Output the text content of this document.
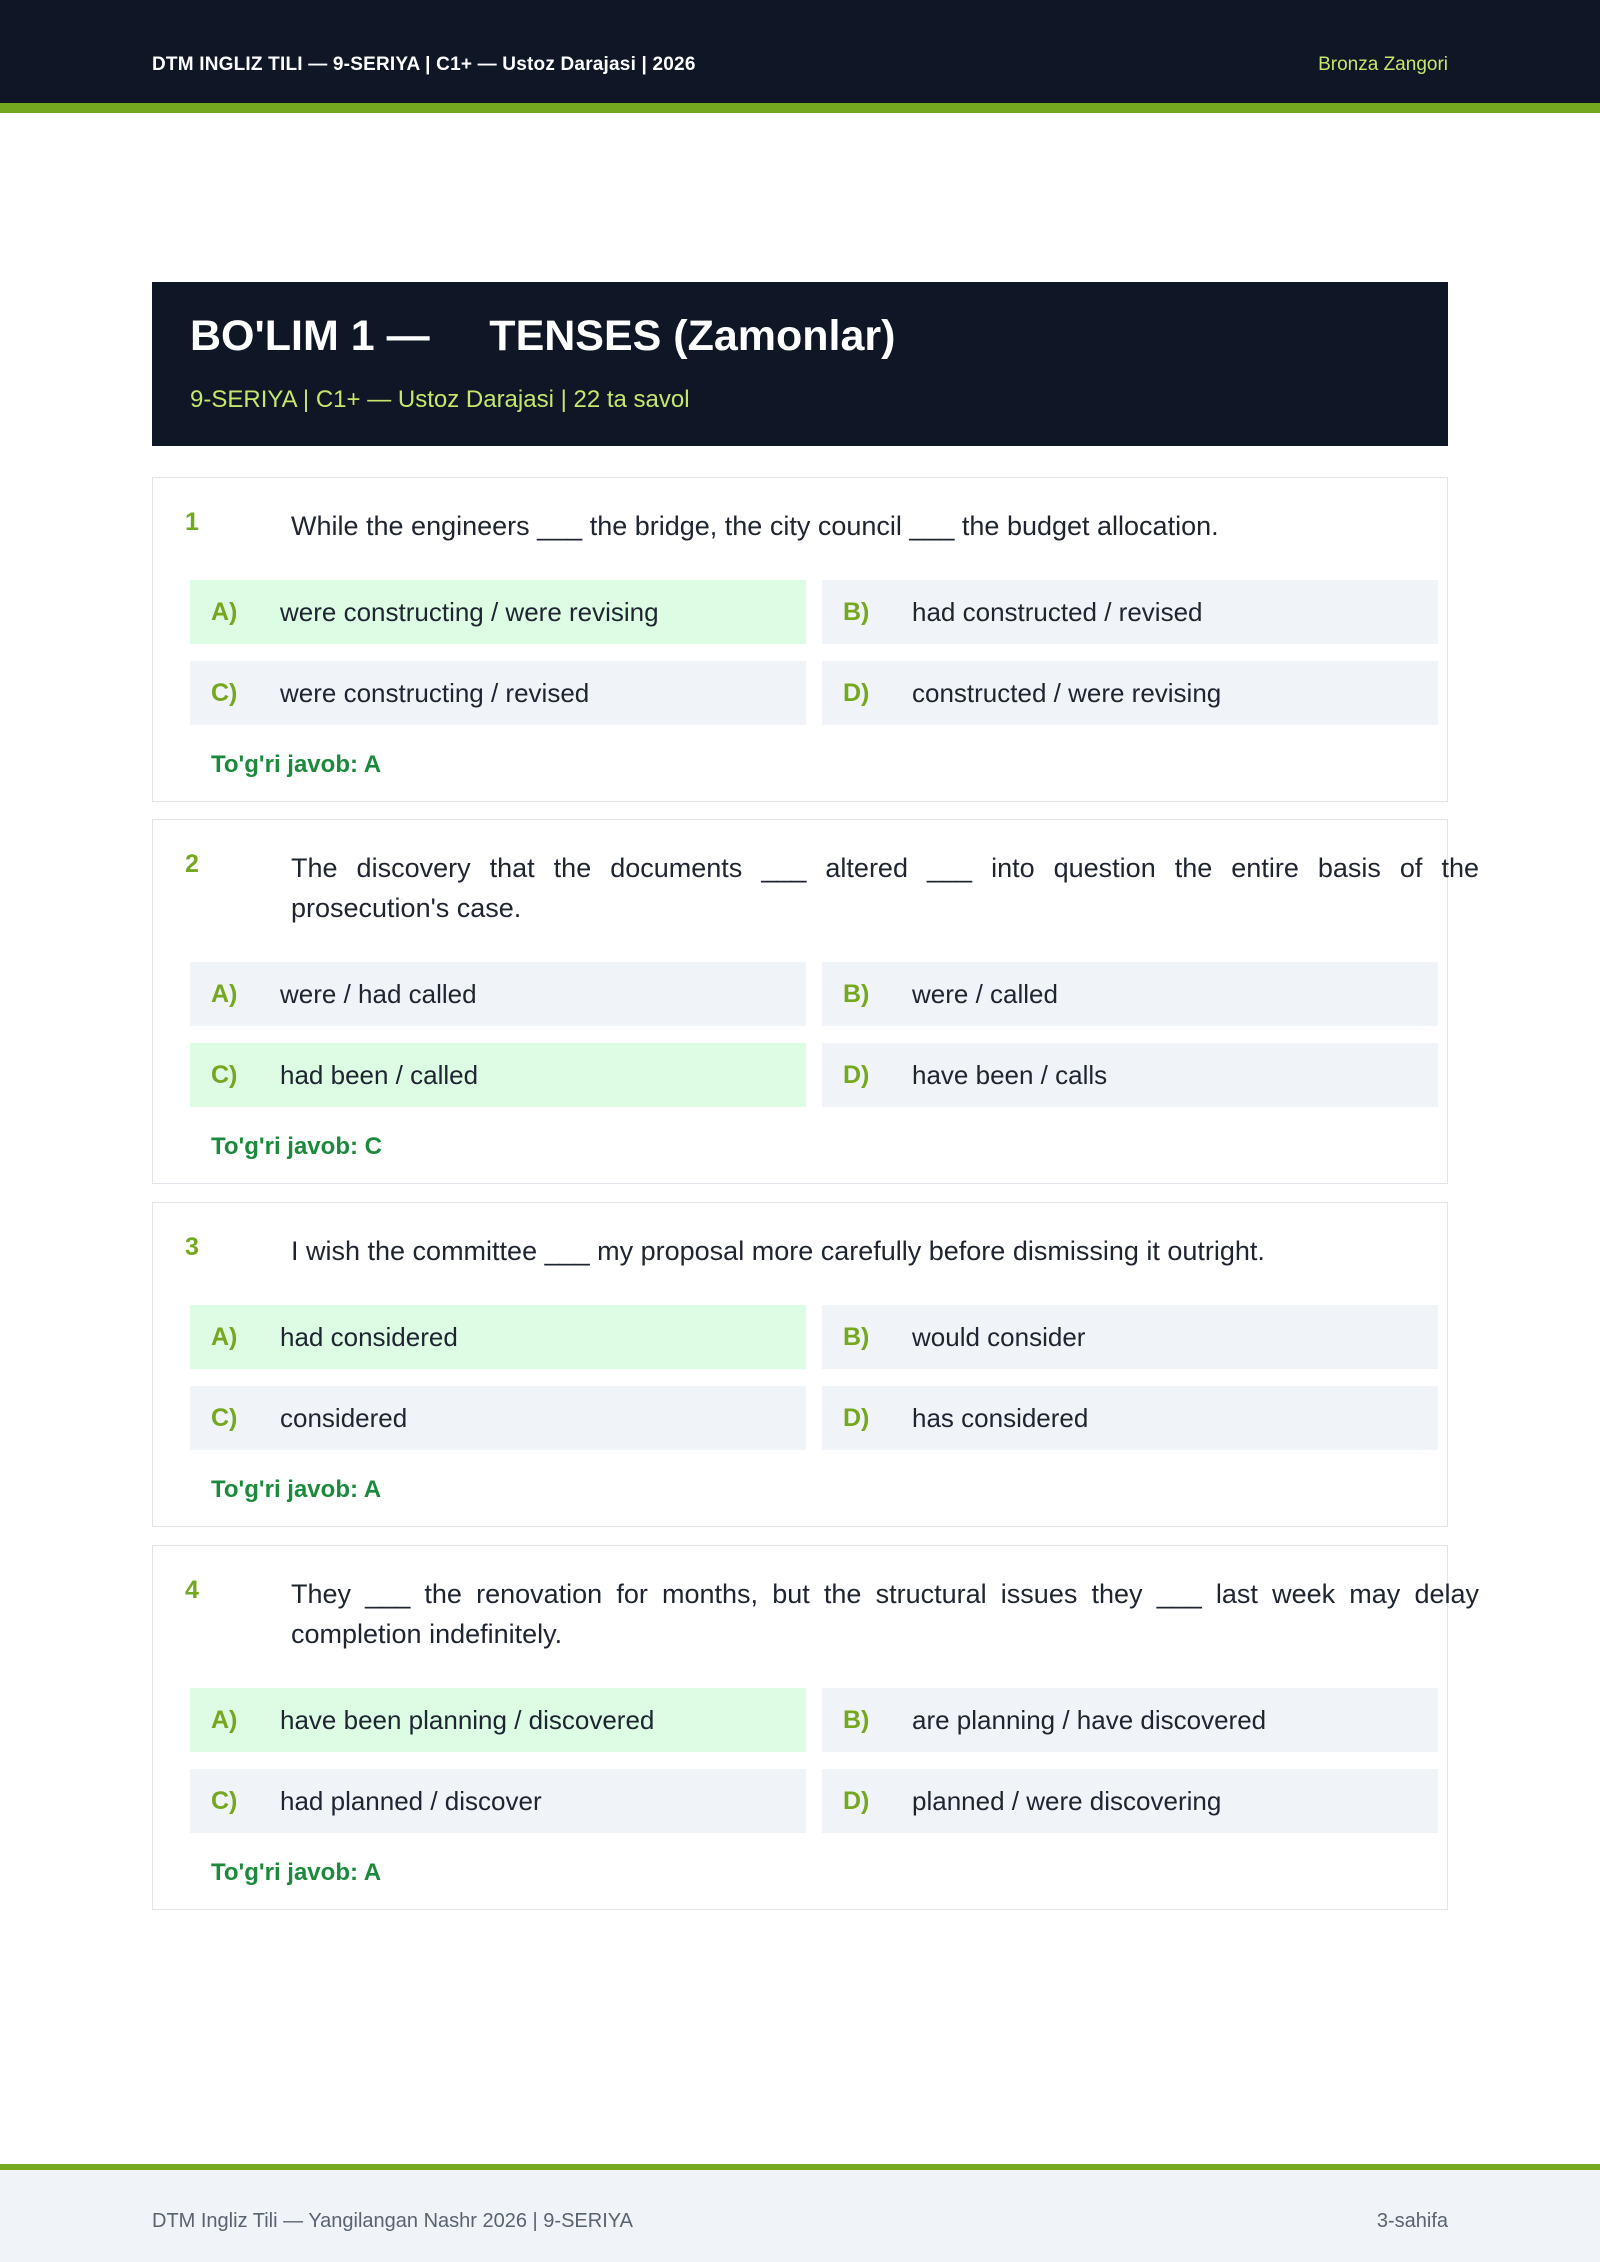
DTM INGLIZ TILI — 9-SERIYA | C1+ — Ustoz Darajasi | 2026	Bronza Zangori
BO'LIM 1 —     TENSES (Zamonlar)
9-SERIYA | C1+ — Ustoz Darajasi | 22 ta savol
1	While the engineers ___ the bridge, the city council ___ the budget allocation.
A) were constructing / were revising	B) had constructed / revised
C) were constructing / revised	D) constructed / were revising
To'g'ri javob: A
2	The discovery that the documents ___ altered ___ into question the entire basis of the prosecution's case.
A) were / had called	B) were / called
C) had been / called	D) have been / calls
To'g'ri javob: C
3	I wish the committee ___ my proposal more carefully before dismissing it outright.
A) had considered	B) would consider
C) considered	D) has considered
To'g'ri javob: A
4	They ___ the renovation for months, but the structural issues they ___ last week may delay completion indefinitely.
A) have been planning / discovered	B) are planning / have discovered
C) had planned / discover	D) planned / were discovering
To'g'ri javob: A
DTM Ingliz Tili — Yangilangan Nashr 2026 | 9-SERIYA	3-sahifa
